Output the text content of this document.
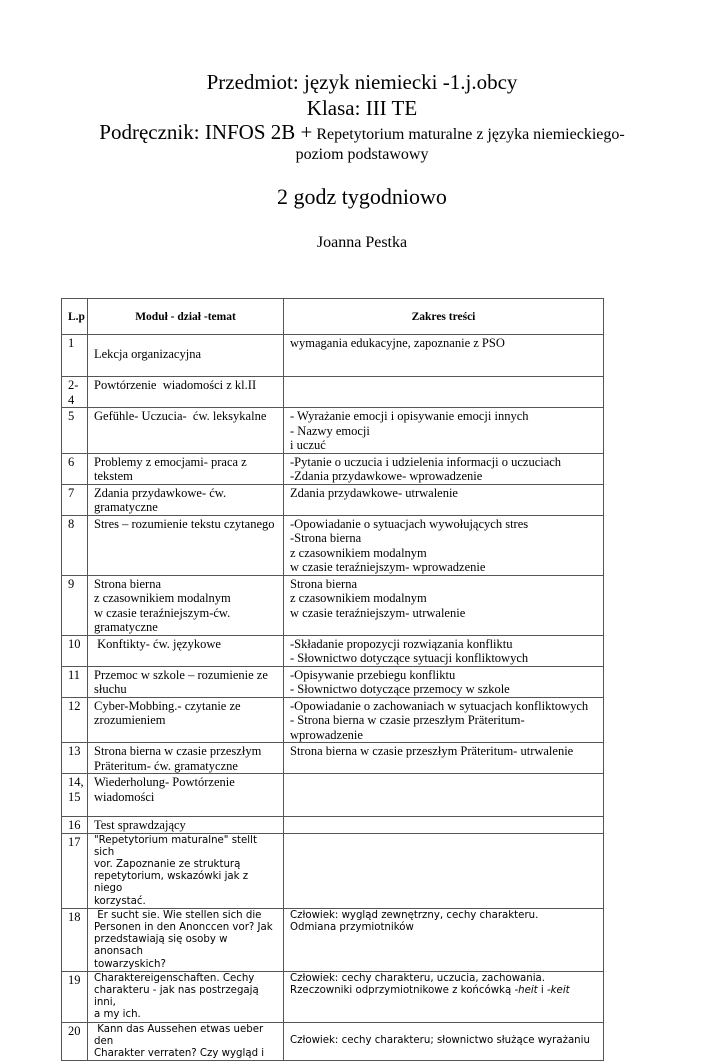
Przedmiot: język niemiecki -1.j.obcy
Klasa: III TE
Podręcznik: INFOS 2B + Repetytorium maturalne z języka niemieckiego-
poziom podstawowy
2 godz tygodniowo
Joanna Pestka
L.p	Moduł - dział -temat	Zakres treści
1	Lekcja organizacyjna	wymagania edukacyjne, zapoznanie z PSO

2-4	Powtórzenie  wiadomości z kl.II	

5	Gefühle- Uczucia-  ćw. leksykalne	- Wyrażanie emocji i opisywanie emocji innych
- Nazwy emocji
i uczuć

6	Problemy z emocjami- praca z
tekstem	-Pytanie o uczucia i udzielenia informacji o uczuciach
-Zdania przydawkowe- wprowadzenie

7	Zdania przydawkowe- ćw.
gramatyczne	Zdania przydawkowe- utrwalenie

8	Stres – rozumienie tekstu czytanego	-Opowiadanie o sytuacjach wywołujących stres
-Strona bierna
z czasownikiem modalnym
w czasie teraźniejszym- wprowadzenie

9	Strona bierna
z czasownikiem modalnym
w czasie teraźniejszym-ćw.
gramatyczne	Strona bierna
z czasownikiem modalnym
w czasie teraźniejszym- utrwalenie

10	Konftikty- ćw. językowe	-Składanie propozycji rozwiązania konfliktu
- Słownictwo dotyczące sytuacji konfliktowych

11	Przemoc w szkole – rozumienie ze
słuchu	-Opisywanie przebiegu konfliktu
- Słownictwo dotyczące przemocy w szkole

12	Cyber-Mobbing.- czytanie ze
zrozumieniem	-Opowiadanie o zachowaniach w sytuacjach konfliktowych
- Strona bierna w czasie przeszłym Präteritum-
wprowadzenie

13	Strona bierna w czasie przeszłym
Präteritum- ćw. gramatyczne	Strona bierna w czasie przeszłym Präteritum- utrwalenie

14,
15	Wiederholung- Powtórzenie
wiadomości	

16	Test sprawdzający	

17	"Repetytorium maturalne" stellt sich
vor. Zapoznanie ze strukturą
repetytorium, wskazówki jak z niego
korzystać.	

18	Er sucht sie. Wie stellen sich die
Personen in den Anonccen vor? Jak
przedstawiają się osoby w anonsach
towarzyskich?	Człowiek: wygląd zewnętrzny, cechy charakteru.
Odmiana przymiotników

19	Charaktereigenschaften. Cechy
charakteru - jak nas postrzegają inni,
a my ich.	Człowiek: cechy charakteru, uczucia, zachowania.
Rzeczowniki odprzymiotnikowe z końcówką -heit i -keit

20	Kann das Aussehen etwas ueber den
Charakter verraten? Czy wygląd i	Człowiek: cechy charakteru; słownictwo służące wyrażaniu
